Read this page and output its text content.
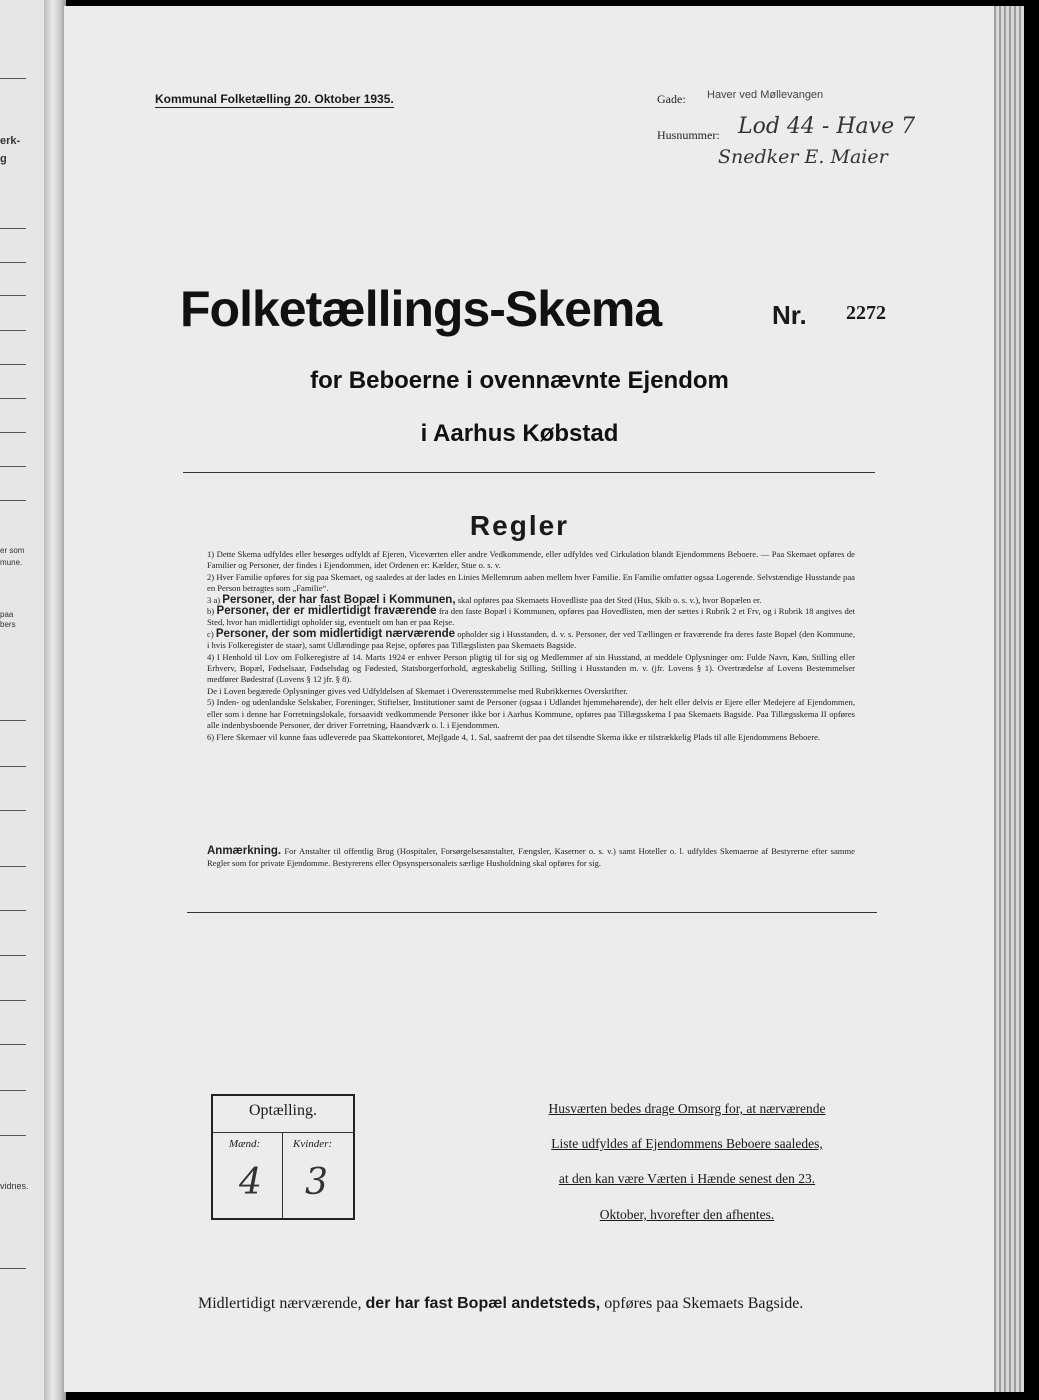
erk-
g
er som
mune.
paa
bers
vidnes.
Kommunal Folketælling 20. Oktober 1935.	Gade: Haver ved Møllevangen
Husnummer: Lod 44 - Have 7
Snedker E. Maier
Folketællings-Skema	Nr. 2272
for Beboerne i ovennævnte Ejendom
i Aarhus Købstad
Regler

1) Dette Skema udfyldes eller besørges udfyldt af Ejeren, Viceværten eller andre Vedkommende, eller udfyldes ved Cirkulation blandt Ejendommens Beboere. — Paa Skemaet opføres de Familier og Personer, der findes i Ejendommen, idet Ordenen er: Kælder, Stue o. s. v.

2) Hver Familie opføres for sig paa Skemaet, og saaledes at der lades en Linies Mellemrum aaben mellem hver Familie. En Familie omfatter ogsaa Logerende. Selvstændige Husstande paa en Person betragtes som „Familie“.

3 a) Personer, der har fast Bopæl i Kommunen, skal opføres paa Skemaets Hovedliste paa det Sted (Hus, Skib o. s. v.), hvor Bopælen er.

b) Personer, der er midlertidigt fraværende fra den faste Bopæl i Kommunen, opføres paa Hovedlisten, men der sættes i Rubrik 2 et Frv, og i Rubrik 18 angives det Sted, hvor han midlertidigt opholder sig, eventuelt om han er paa Rejse.

c) Personer, der som midlertidigt nærværende opholder sig i Husstanden, d. v. s. Personer, der ved Tællingen er fraværende fra deres faste Bopæl (den Kommune, i hvis Folkeregister de staar), samt Udlændinge paa Rejse, opføres paa Tillægslisten paa Skemaets Bagside.

4) I Henhold til Lov om Folkeregistre af 14. Marts 1924 er enhver Person pligtig til for sig og Medlemmer af sin Husstand, at meddele Oplysninger om: Fulde Navn, Køn, Stilling eller Erhverv, Bopæl, Fødselsaar, Fødselsdag og Fødested, Statsborgerforhold, ægteskabelig Stilling, Stilling i Husstanden m. v. (jfr. Lovens § 1). Overtrædelse af Lovens Bestemmelser medfører Bødestraf (Lovens § 12 jfr. § 8).

De i Loven begærede Oplysninger gives ved Udfyldelsen af Skemaet i Overensstemmelse med Rubrikkernes Overskrifter.

5) Inden- og udenlandske Selskaber, Foreninger, Stiftelser, Institutioner samt de Personer (ogsaa i Udlandet hjemmehørende), der helt eller delvis er Ejere eller Medejere af Ejendommen, eller som i denne har Forretningslokale, forsaavidt vedkommende Personer ikke bor i Aarhus Kommune, opføres paa Tillægsskema I paa Skemaets Bagside. Paa Tillægsskema II opføres alle indenbysboende Personer, der driver Forretning, Haandværk o. l. i Ejendommen.

6) Flere Skemaer vil kunne faas udleverede paa Skattekontoret, Mejlgade 4, 1. Sal, saafremt der paa det tilsendte Skema ikke er tilstrækkelig Plads til alle Ejendommens Beboere.

Anmærkning. For Anstalter til offentlig Brug (Hospitaler, Forsørgelsesanstalter, Fængsler, Kaserner o. s. v.) samt Hoteller o. l. udfyldes Skemaerne af Bestyrerne efter samme Regler som for private Ejendomme. Bestyrerens eller Opsynspersonalets særlige Husholdning skal opføres for sig.
Optælling.
Mænd:	Kvinder:
4 3
Husværten bedes drage Omsorg for, at nærværende
Liste udfyldes af Ejendommens Beboere saaledes,
at den kan være Værten i Hænde senest den 23.
Oktober, hvorefter den afhentes.
Midlertidigt nærværende, der har fast Bopæl andetsteds, opføres paa Skemaets Bagside.
